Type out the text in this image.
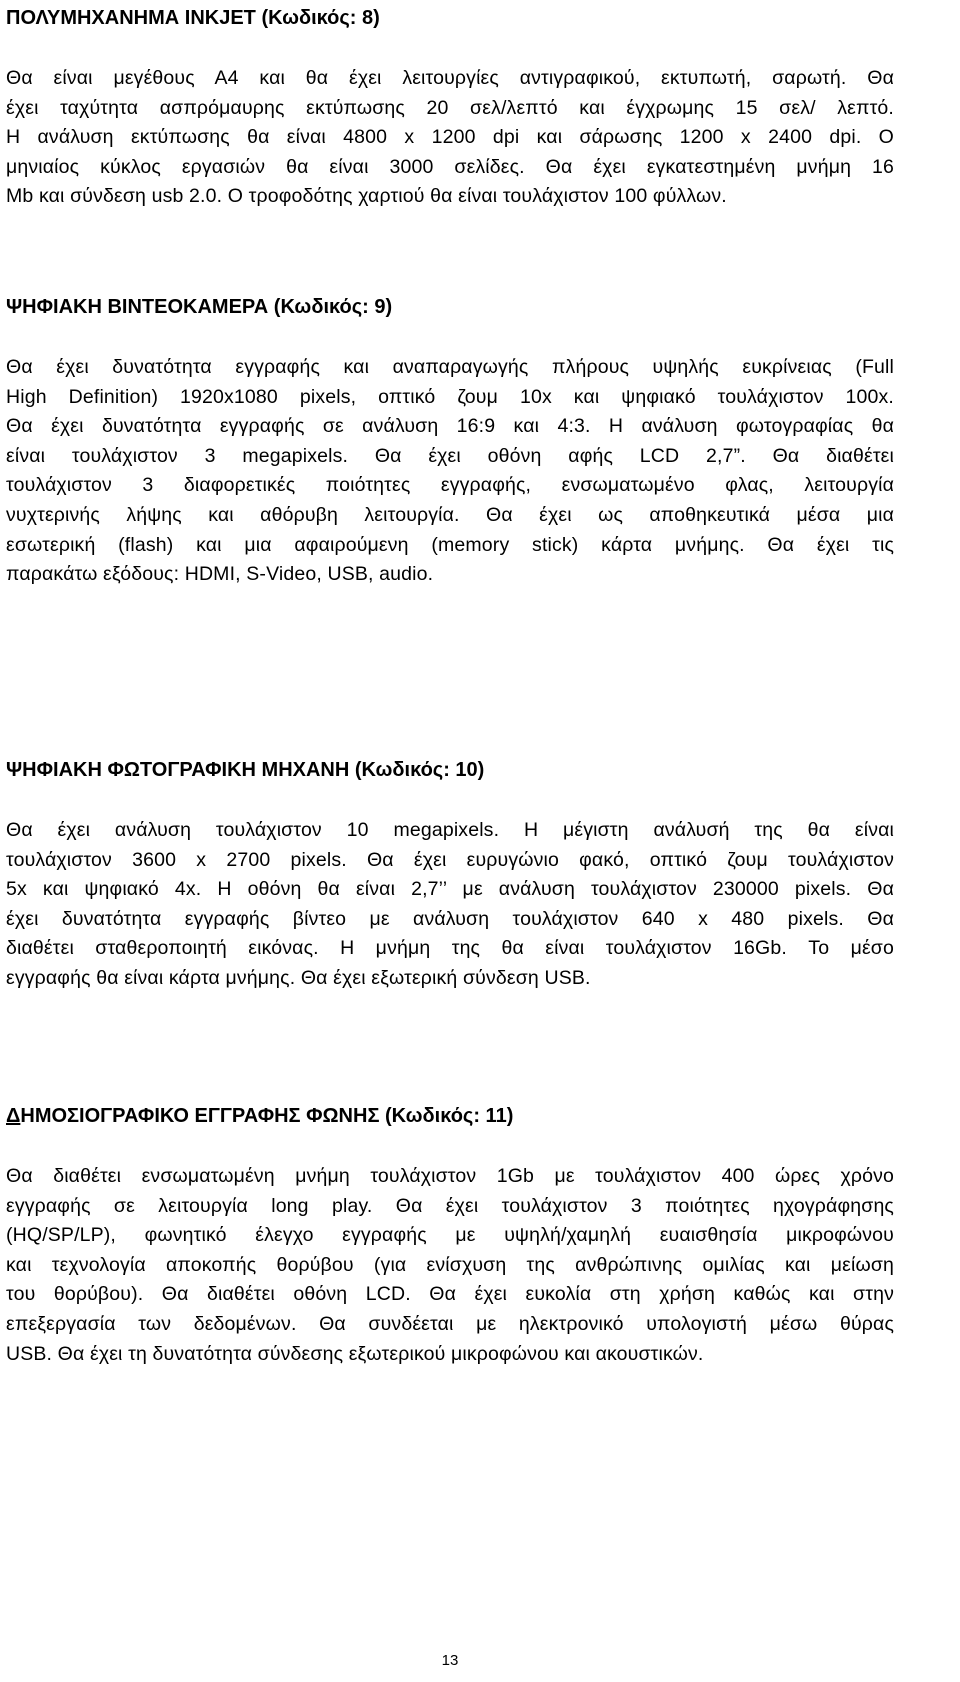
ΠΟΛΥΜΗΧΑΝΗΜΑ INKJET (Κωδικός: 8)
Θα είναι μεγέθους Α4 και θα έχει λειτουργίες αντιγραφικού, εκτυπωτή, σαρωτή. Θα
έχει ταχύτητα ασπρόμαυρης εκτύπωσης 20 σελ/λεπτό και έγχρωμης 15 σελ/ λεπτό.
Η ανάλυση εκτύπωσης θα είναι 4800 x 1200 dpi και σάρωσης 1200 x 2400 dpi. Ο
μηνιαίος κύκλος εργασιών θα είναι 3000 σελίδες. Θα έχει εγκατεστημένη μνήμη 16
Mb και σύνδεση usb 2.0. Ο τροφοδότης χαρτιού θα είναι τουλάχιστον 100 φύλλων.
ΨΗΦΙΑΚΗ ΒΙΝΤΕΟΚΑΜΕΡΑ (Κωδικός: 9)
Θα έχει δυνατότητα εγγραφής και αναπαραγωγής πλήρους υψηλής ευκρίνειας (Full
High Definition) 1920x1080 pixels, οπτικό ζουμ 10x και ψηφιακό τουλάχιστον 100x.
Θα έχει δυνατότητα εγγραφής σε ανάλυση 16:9 και 4:3. Η ανάλυση φωτογραφίας θα
είναι τουλάχιστον 3 megapixels. Θα έχει οθόνη αφής LCD 2,7”. Θα διαθέτει
τουλάχιστον 3 διαφορετικές ποιότητες εγγραφής, ενσωματωμένο φλας, λειτουργία
νυχτερινής λήψης και αθόρυβη λειτουργία. Θα έχει ως αποθηκευτικά μέσα μια
εσωτερική (flash) και μια αφαιρούμενη (memory stick) κάρτα μνήμης. Θα έχει τις
παρακάτω εξόδους: HDMI, S-Video, USB, audio.
ΨΗΦΙΑΚΗ ΦΩΤΟΓΡΑΦΙΚΗ ΜΗΧΑΝΗ (Κωδικός: 10)
Θα έχει ανάλυση τουλάχιστον 10 megapixels. Η μέγιστη ανάλυσή της θα είναι
τουλάχιστον 3600 x 2700 pixels. Θα έχει ευρυγώνιο φακό, οπτικό ζουμ τουλάχιστον
5x και ψηφιακό 4x. Η οθόνη θα είναι 2,7’’ με ανάλυση τουλάχιστον 230000 pixels. Θα
έχει δυνατότητα εγγραφής βίντεο με ανάλυση τουλάχιστον 640 x 480 pixels. Θα
διαθέτει σταθεροποιητή εικόνας. Η μνήμη της θα είναι τουλάχιστον 16Gb. Το μέσο
εγγραφής θα είναι κάρτα μνήμης. Θα έχει εξωτερική σύνδεση USB.
ΔΗΜΟΣΙΟΓΡΑΦΙΚΟ ΕΓΓΡΑΦΗΣ ΦΩΝΗΣ (Κωδικός: 11)
Θα διαθέτει ενσωματωμένη μνήμη τουλάχιστον 1Gb με τουλάχιστον 400 ώρες χρόνο
εγγραφής σε λειτουργία long play. Θα έχει τουλάχιστον 3 ποιότητες ηχογράφησης
(HQ/SP/LP), φωνητικό έλεγχο εγγραφής με υψηλή/χαμηλή ευαισθησία μικροφώνου
και τεχνολογία αποκοπής θορύβου (για ενίσχυση της ανθρώπινης ομιλίας και μείωση
του θορύβου). Θα διαθέτει οθόνη LCD. Θα έχει ευκολία στη χρήση καθώς και στην
επεξεργασία των δεδομένων. Θα συνδέεται με ηλεκτρονικό υπολογιστή μέσω θύρας
USB. Θα έχει τη δυνατότητα σύνδεσης εξωτερικού μικροφώνου και ακουστικών.
13
